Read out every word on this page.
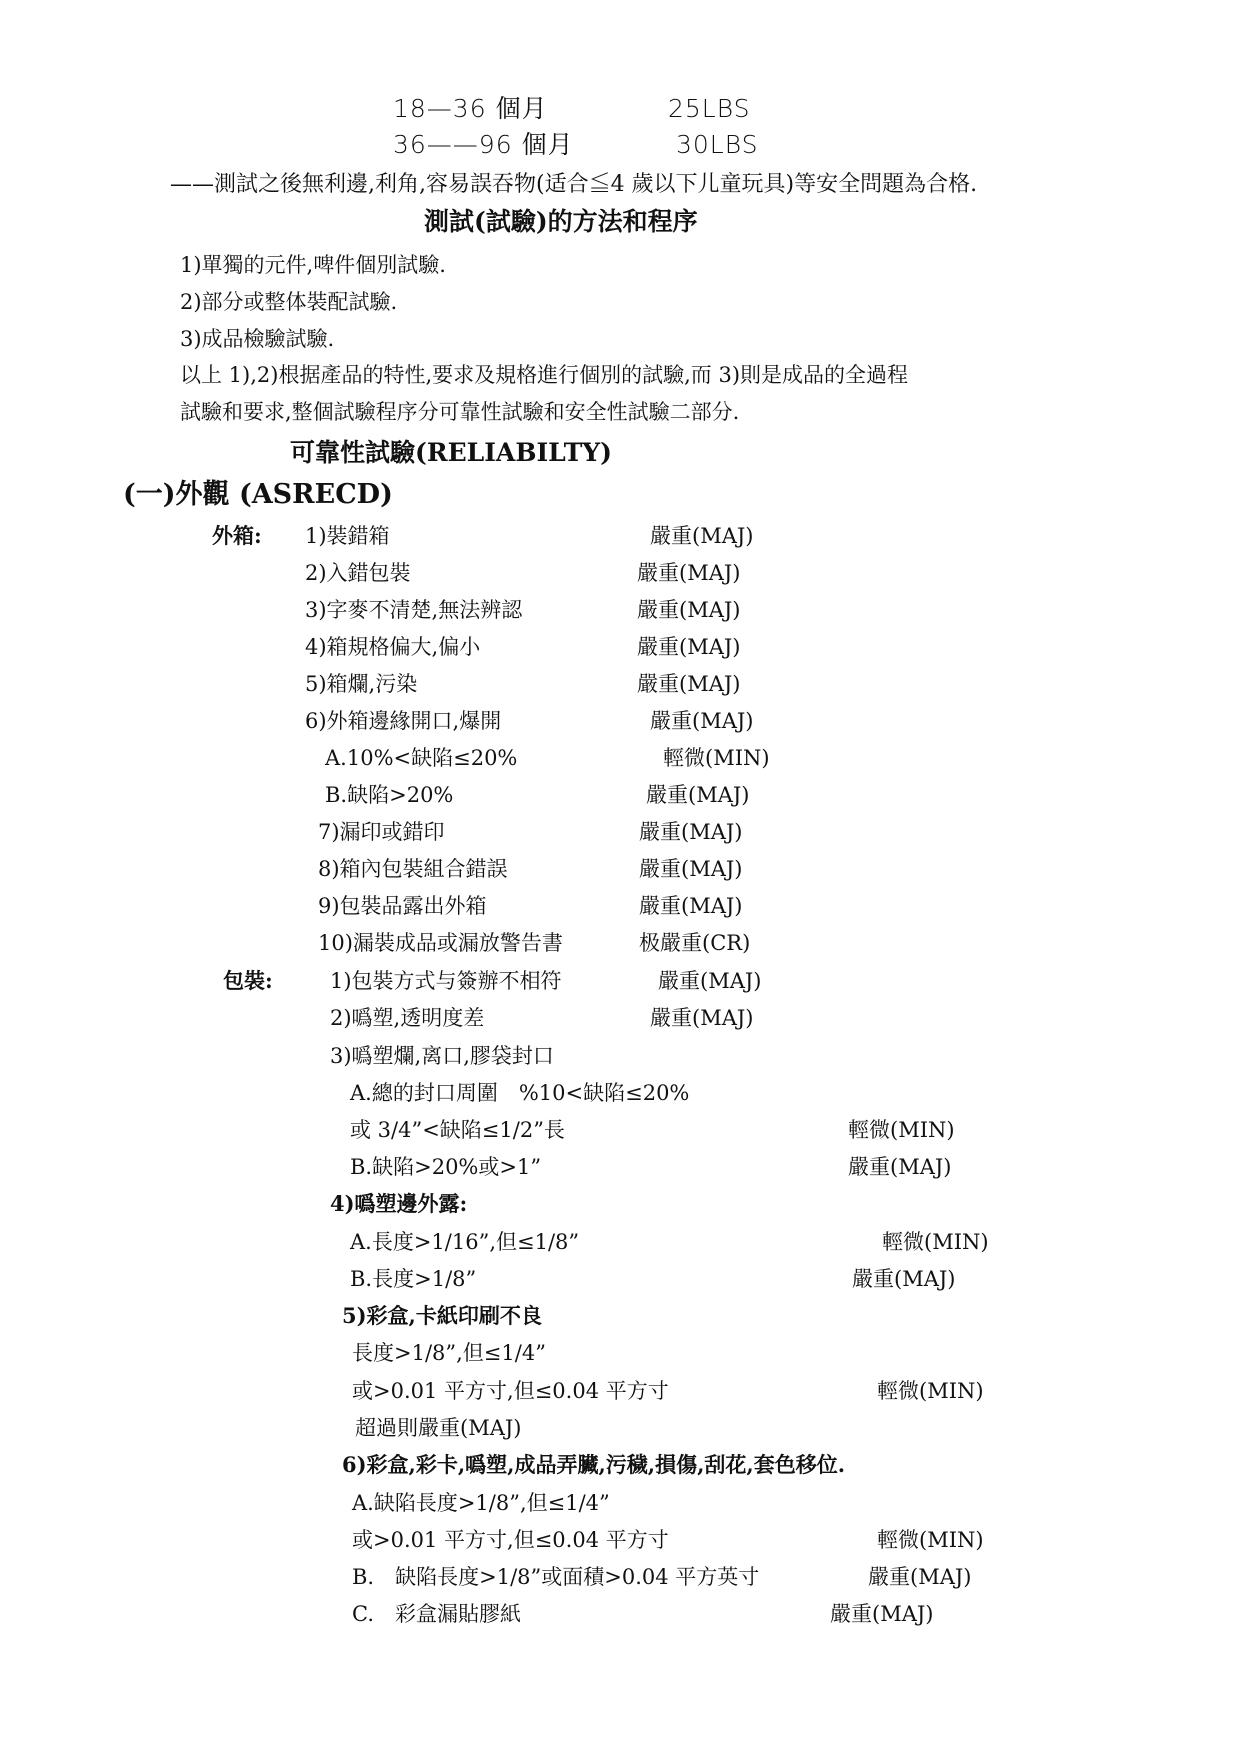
18—36 個月	25LBS
36——96 個月	30LBS
——測試之後無利邊,利角,容易誤吞物(适合≦4 歲以下儿童玩具)等安全問題為合格.
測試(試驗)的方法和程序
1)單獨的元件,啤件個別試驗.
2)部分或整体裝配試驗.
3)成品檢驗試驗.
以上 1),2)根据產品的特性,要求及規格進行個別的試驗,而 3)則是成品的全過程
試驗和要求,整個試驗程序分可靠性試驗和安全性試驗二部分.
可靠性試驗(RELIABILTY)
(一)外觀 (ASRECD)
外箱: 1)裝錯箱	嚴重(MAJ)
2)入錯包裝	嚴重(MAJ)
3)字麥不清楚,無法辨認	嚴重(MAJ)
4)箱規格偏大,偏小	嚴重(MAJ)
5)箱爛,污染	嚴重(MAJ)
6)外箱邊緣開口,爆開	嚴重(MAJ)
A.10%<缺陷≤20%	輕微(MIN)
B.缺陷>20%	嚴重(MAJ)
7)漏印或錯印	嚴重(MAJ)
8)箱內包裝組合錯誤	嚴重(MAJ)
9)包裝品露出外箱	嚴重(MAJ)
10)漏裝成品或漏放警告書	极嚴重(CR)
包裝:	1)包裝方式与簽辦不相符	嚴重(MAJ)
2)噅塑,透明度差	嚴重(MAJ)
3)噅塑爛,离口,膠袋封口
A.總的封口周圍　%10<缺陷≤20%
或 3/4”<缺陷≤1/2”長	輕微(MIN)
B.缺陷>20%或>1”	嚴重(MAJ)
4)噅塑邊外露:
A.長度>1/16”,但≤1/8”	輕微(MIN)
B.長度>1/8”	嚴重(MAJ)
5)彩盒,卡紙印刷不良
長度>1/8”,但≤1/4”
或>0.01 平方寸,但≤0.04 平方寸	輕微(MIN)
超過則嚴重(MAJ)
6)彩盒,彩卡,噅塑,成品弄臟,污穢,損傷,刮花,套色移位.
A.缺陷長度>1/8”,但≤1/4”
或>0.01 平方寸,但≤0.04 平方寸	輕微(MIN)
B.　缺陷長度>1/8”或面積>0.04 平方英寸	嚴重(MAJ)
C.　彩盒漏貼膠紙	嚴重(MAJ)
